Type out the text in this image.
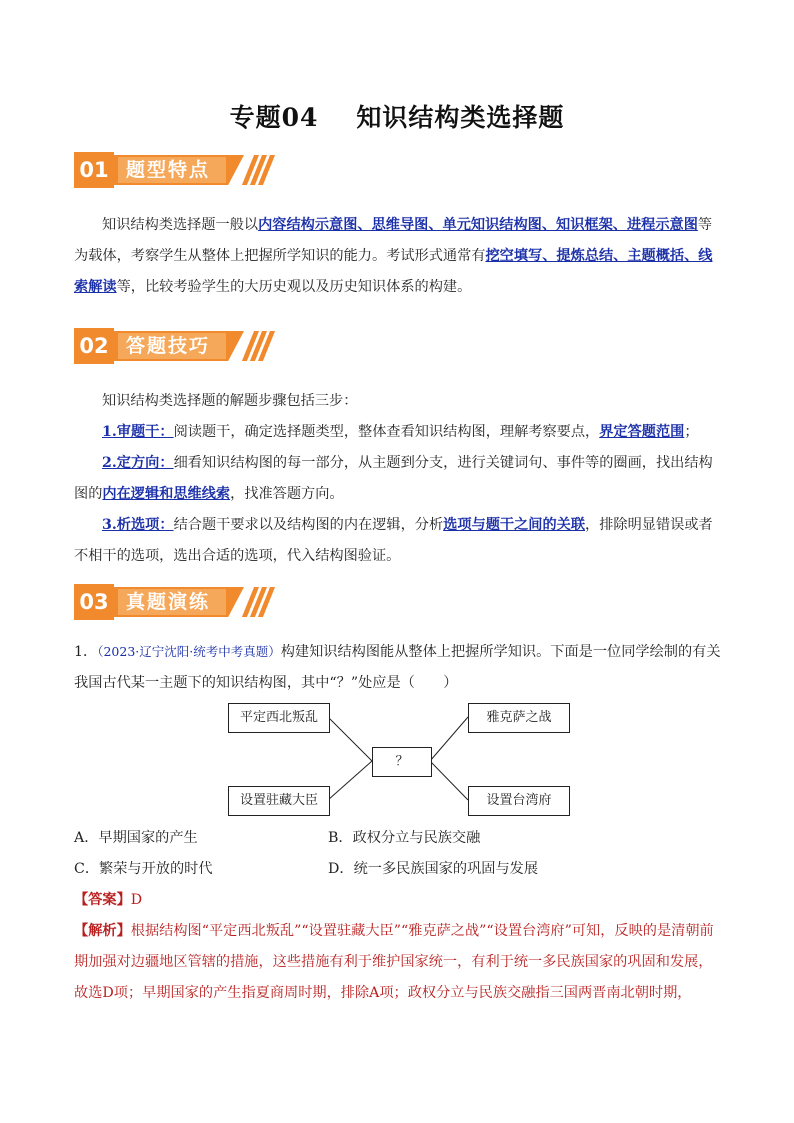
专题04 知识结构类选择题
01 题型特点

知识结构类选择题一般以内容结构示意图、思维导图、单元知识结构图、知识框架、进程示意图等为载体，考察学生从整体上把握所学知识的能力。考试形式通常有挖空填写、提炼总结、主题概括、线索解读等，比较考验学生的大历史观以及历史知识体系的构建。

02 答题技巧

知识结构类选择题的解题步骤包括三步：

1.审题干：阅读题干，确定选择题类型，整体查看知识结构图，理解考察要点，界定答题范围；

2.定方向：细看知识结构图的每一部分，从主题到分支，进行关键词句、事件等的圈画，找出结构图的内在逻辑和思维线索，找准答题方向。

3.析选项：结合题干要求以及结构图的内在逻辑，分析选项与题干之间的关联，排除明显错误或者不相干的选项，选出合适的选项，代入结构图验证。

03 真题演练

1．（2023·辽宁沈阳·统考中考真题）构建知识结构图能从整体上把握所学知识。下面是一位同学绘制的有关我国古代某一主题下的知识结构图，其中“？”处应是（　　）

平定西北叛乱
设置驻藏大臣
？
雅克萨之战
设置台湾府
A．早期国家的产生	B．政权分立与民族交融
C．繁荣与开放的时代	D．统一多民族国家的巩固与发展
【答案】D

【解析】根据结构图“平定西北叛乱”“设置驻藏大臣”“雅克萨之战”“设置台湾府”可知，反映的是清朝前期加强对边疆地区管辖的措施，这些措施有利于维护国家统一，有利于统一多民族国家的巩固和发展，故选D项；早期国家的产生指夏商周时期，排除A项；政权分立与民族交融指三国两晋南北朝时期，
